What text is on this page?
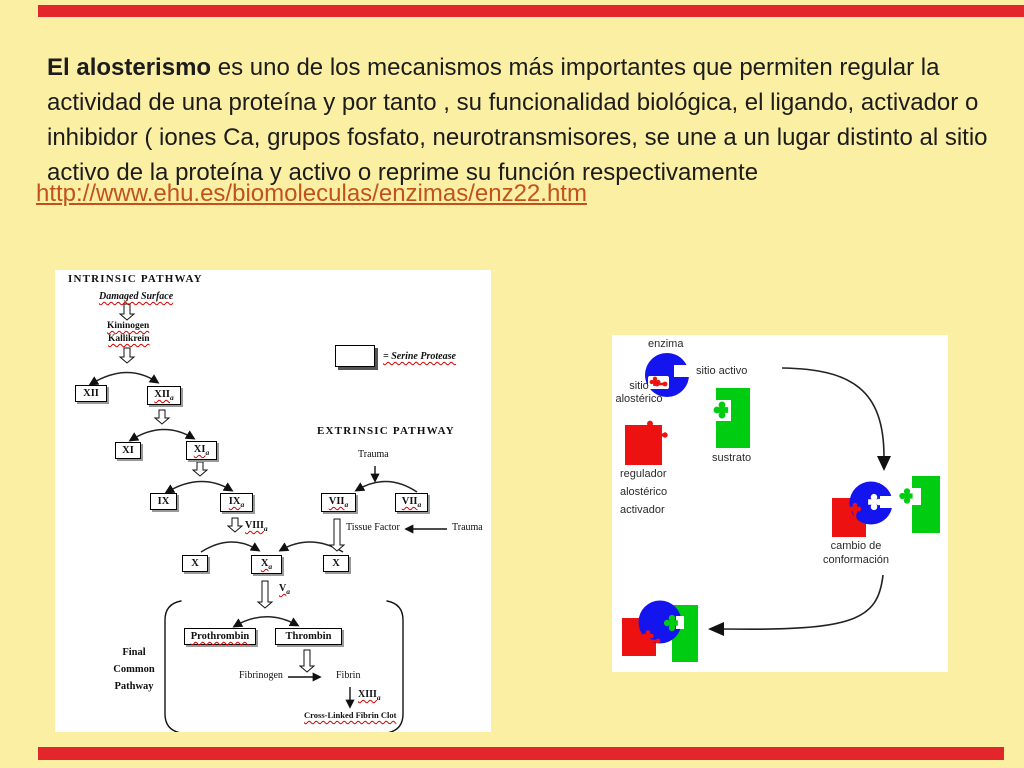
El alosterismo es uno de los mecanismos más importantes que permiten regular la actividad de una proteína y por tanto , su funcionalidad biológica, el ligando, activador o inhibidor ( iones Ca, grupos fosfato, neurotransmisores, se une a un lugar distinto al sitio activo de la proteína y activo o reprime su función respectivamente

http://www.ehu.es/biomoleculas/enzimas/enz22.htm
INTRINSIC PATHWAY
Damaged Surface
Kininogen
Kallikrein
= Serine Protease
EXTRINSIC PATHWAY
Trauma
XII	$XII_a$
XI	$XI_a$
IX	$IX_a$	$VII_a$	$VII_a$
X	$X_a$	X
Prothrombin	Thrombin
$VIII_a$	Tissue Factor	Trauma
$V_a$
Fibrinogen	Fibrin
$XIII_a$
Cross-Linked Fibrin Clot
Final
Common
Pathway
enzima
sitio activo
sitio alostérico
sustrato
regulador alostérico activador
cambio de conformación
